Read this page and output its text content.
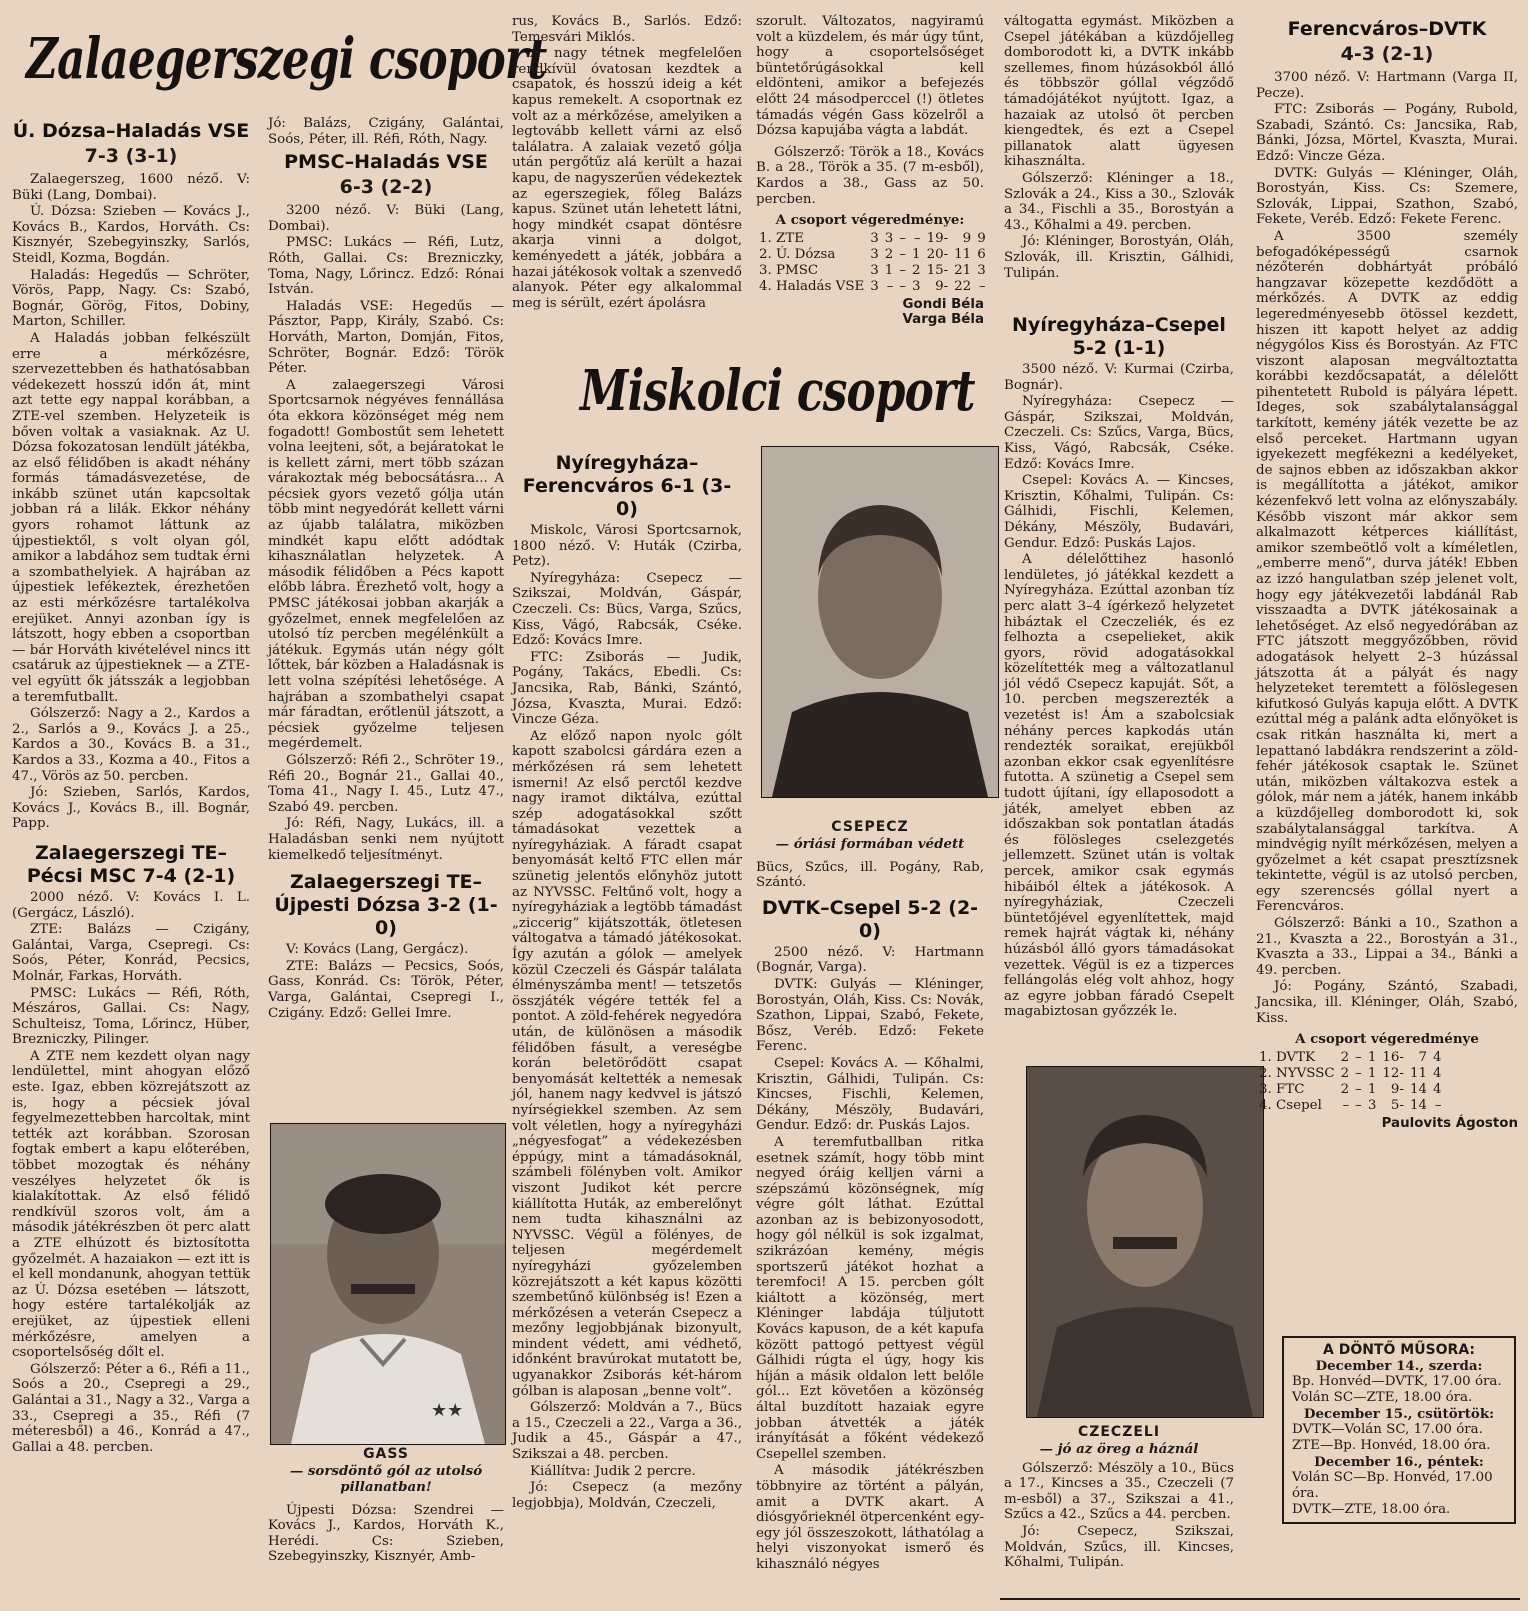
Zalaegerszegi csoport
Miskolci csoport
Ú. Dózsa–Haladás VSE
7-3 (3-1)

Zalaegerszeg, 1600 néző. V: Büki (Lang, Dombai).

Ú. Dózsa: Szieben — Kovács J., Kovács B., Kardos, Horváth. Cs: Kisznyér, Szebegyinszky, Sarlós, Steidl, Kozma, Bogdán.

Haladás: Hegedűs — Schröter, Vörös, Papp, Nagy. Cs: Szabó, Bognár, Görög, Fitos, Dobiny, Marton, Schiller.

A Haladás jobban felkészült erre a mérkőzésre, szervezettebben és hathatósabban védekezett hosszú időn át, mint azt tette egy nappal korábban, a ZTE-vel szemben. Helyzeteik is bőven voltak a vasiaknak. Az U. Dózsa fokozatosan lendült játékba, az első félidőben is akadt néhány formás támadásvezetése, de inkább szünet után kapcsoltak jobban rá a lilák. Ekkor néhány gyors rohamot láttunk az újpestiektől, s volt olyan gól, amikor a labdához sem tudtak érni a szombathelyiek. A hajrában az újpestiek lefékeztek, érezhetően az esti mérkőzésre tartalékolva erejüket. Annyi azonban így is látszott, hogy ebben a csoportban — bár Horváth kivételével nincs itt csatáruk az újpestieknek — a ZTE-vel együtt ők játsszák a legjobban a teremfutballt.

Gólszerző: Nagy a 2., Kardos a 2., Sarlós a 9., Kovács J. a 25., Kardos a 30., Kovács B. a 31., Kardos a 33., Kozma a 40., Fitos a 47., Vörös az 50. percben.

Jó: Szieben, Sarlós, Kardos, Kovács J., Kovács B., ill. Bognár, Papp.

Zalaegerszegi TE–Pécsi MSC 7-4 (2-1)

2000 néző. V: Kovács I. L. (Gergácz, László).

ZTE: Balázs — Czigány, Galántai, Varga, Csepregi. Cs: Soós, Péter, Konrád, Pecsics, Molnár, Farkas, Horváth.

PMSC: Lukács — Réfi, Róth, Mészáros, Gallai. Cs: Nagy, Schulteisz, Toma, Lőrincz, Hüber, Brezniczky, Pilinger.

A ZTE nem kezdett olyan nagy lendülettel, mint ahogyan előző este. Igaz, ebben közrejátszott az is, hogy a pécsiek jóval fegyelmezettebben harcoltak, mint tették azt korábban. Szorosan fogtak embert a kapu előterében, többet mozogtak és néhány veszélyes helyzetet ők is kialakítottak. Az első félidő rendkívül szoros volt, ám a második játékrészben öt perc alatt a ZTE elhúzott és biztosította győzelmét. A hazaiakon — ezt itt is el kell mondanunk, ahogyan tettük az Ú. Dózsa esetében — látszott, hogy estére tartalékolják az erejüket, az újpestiek elleni mérkőzésre, amelyen a csoportelsőség dőlt el.

Gólszerző: Péter a 6., Réfi a 11., Soós a 20., Csepregi a 29., Galántai a 31., Nagy a 32., Varga a 33., Csepregi a 35., Réfi (7 méteresből) a 46., Konrád a 47., Gallai a 48. percben.

Jó: Balázs, Czigány, Galántai, Soós, Péter, ill. Réfi, Róth, Nagy.

PMSC–Haladás VSE
6-3 (2-2)

3200 néző. V: Büki (Lang, Dombai).

PMSC: Lukács — Réfi, Lutz, Róth, Gallai. Cs: Brezniczky, Toma, Nagy, Lőrincz. Edző: Rónai István.

Haladás VSE: Hegedűs — Pásztor, Papp, Király, Szabó. Cs: Horváth, Marton, Domján, Fitos, Schröter, Bognár. Edző: Török Péter.

A zalaegerszegi Városi Sportcsarnok négyéves fennállása óta ekkora közönséget még nem fogadott! Gombostűt sem lehetett volna leejteni, sőt, a bejáratokat le is kellett zárni, mert több százan várakoztak még bebocsátásra... A pécsiek gyors vezető gólja után több mint negyedórát kellett várni az újabb találatra, miközben mindkét kapu előtt adódtak kihasználatlan helyzetek. A második félidőben a Pécs kapott előbb lábra. Érezhető volt, hogy a PMSC játékosai jobban akarják a győzelmet, ennek megfelelően az utolsó tíz percben megélénkült a játékuk. Egymás után négy gólt lőttek, bár közben a Haladásnak is lett volna szépítési lehetősége. A hajrában a szombathelyi csapat már fáradtan, erőtlenül játszott, a pécsiek győzelme teljesen megérdemelt.

Gólszerző: Réfi 2., Schröter 19., Réfi 20., Bognár 21., Gallai 40., Toma 41., Nagy I. 45., Lutz 47., Szabó 49. percben.

Jó: Réfi, Nagy, Lukács, ill. a Haladásban senki nem nyújtott kiemelkedő teljesítményt.

Zalaegerszegi TE–Újpesti Dózsa 3-2 (1-0)

V: Kovács (Lang, Gergácz).

ZTE: Balázs — Pecsics, Soós, Gass, Konrád. Cs: Török, Péter, Varga, Galántai, Csepregi I., Czigány. Edző: Gellei Imre.

★★
GASS
— sorsdöntő gól az utolsó pillanatban!

Újpesti Dózsa: Szendrei — Kovács J., Kardos, Horváth K., Herédi. Cs: Szieben, Szebegyinszky, Kisznyér, Amb-

rus, Kovács B., Sarlós. Edző: Temesvári Miklós.

A nagy tétnek megfelelően rendkívül óvatosan kezdtek a csapatok, és hosszú ideig a két kapus remekelt. A csoportnak ez volt az a mérkőzése, amelyiken a legtovább kellett várni az első találatra. A zalaiak vezető gólja után pergőtűz alá került a hazai kapu, de nagyszerűen védekeztek az egerszegiek, főleg Balázs kapus. Szünet után lehetett látni, hogy mindkét csapat döntésre akarja vinni a dolgot, keményedett a játék, jobbára a hazai játékosok voltak a szenvedő alanyok. Péter egy alkalommal meg is sérült, ezért ápolásra

szorult. Változatos, nagyiramú volt a küzdelem, és már úgy tűnt, hogy a csoportelsőséget büntetőrúgásokkal kell eldönteni, amikor a befejezés előtt 24 másodperccel (!) ötletes támadás végén Gass közelről a Dózsa kapujába vágta a labdát.

Gólszerző: Török a 18., Kovács B. a 28., Török a 35. (7 m-esből), Kardos a 38., Gass az 50. percben.

A csoport végeredménye:
1. ZTE	3	3	–	–	19-	9	9
2. Ú. Dózsa	3	2	–	1	20-	11	6
3. PMSC	3	1	–	2	15-	21	3
4. Haladás VSE	3	–	–	3	9-	22	–
Gondi Béla
Varga Béla

váltogatta egymást. Miközben a Csepel játékában a küzdőjelleg domborodott ki, a DVTK inkább szellemes, finom húzásokból álló és többször góllal végződő támadójátékot nyújtott. Igaz, a hazaiak az utolsó öt percben kiengedtek, és ezt a Csepel pillanatok alatt ügyesen kihasználta.

Gólszerző: Kléninger a 18., Szlovák a 24., Kiss a 30., Szlovák a 34., Fischli a 35., Borostyán a 43., Kőhalmi a 49. percben.

Jó: Kléninger, Borostyán, Oláh, Szlovák, ill. Krisztin, Gálhidi, Tulipán.

Nyíregyháza–Ferencváros 6-1 (3-0)

Miskolc, Városi Sportcsarnok, 1800 néző. V: Huták (Czirba, Petz).

Nyíregyháza: Csepecz — Szikszai, Moldván, Gáspár, Czeczeli. Cs: Bücs, Varga, Szűcs, Kiss, Vágó, Rabcsák, Cséke. Edző: Kovács Imre.

FTC: Zsiborás — Judik, Pogány, Takács, Ebedli. Cs: Jancsika, Rab, Bánki, Szántó, Józsa, Kvaszta, Murai. Edző: Vincze Géza.

Az előző napon nyolc gólt kapott szabolcsi gárdára ezen a mérkőzésen rá sem lehetett ismerni! Az első perctől kezdve nagy iramot diktálva, ezúttal szép adogatásokkal szőtt támadásokat vezettek a nyíregyháziak. A fáradt csapat benyomását keltő FTC ellen már szünetig jelentős előnyhöz jutott az NYVSSC. Feltűnő volt, hogy a nyíregyháziak a legtöbb támadást „ziccerig” kijátszották, ötletesen váltogatva a támadó játékosokat. Így azután a gólok — amelyek közül Czeczeli és Gáspár találata élményszámba ment! — tetszetős összjáték végére tették fel a pontot. A zöld-fehérek negyedóra után, de különösen a második félidőben fásult, a vereségbe korán beletörődött csapat benyomását keltették a nemesak jól, hanem nagy kedvvel is játszó nyírségiekkel szemben. Az sem volt véletlen, hogy a nyíregyházi „négyesfogat” a védekezésben éppúgy, mint a támadásoknál, számbeli fölényben volt. Amikor viszont Judikot két percre kiállította Huták, az emberelőnyt nem tudta kihasználni az NYVSSC. Végül a fölényes, de teljesen megérdemelt nyíregyházi győzelemben közrejátszott a két kapus közötti szembetűnő különbség is! Ezen a mérkőzésen a veterán Csepecz a mezőny legjobbjának bizonyult, mindent védett, ami védhető, időnként bravúrokat mutatott be, ugyanakkor Zsiborás két-három gólban is alaposan „benne volt”.

Gólszerző: Moldván a 7., Bücs a 15., Czeczeli a 22., Varga a 36., Judik a 45., Gáspár a 47., Szikszai a 48. percben.

Kiállítva: Judik 2 percre.

Jó: Csepecz (a mezőny legjobbja), Moldván, Czeczeli,

CSEPECZ
— óriási formában védett

Bücs, Szűcs, ill. Pogány, Rab, Szántó.

DVTK–Csepel 5-2 (2-0)

2500 néző. V: Hartmann (Bognár, Varga).

DVTK: Gulyás — Kléninger, Borostyán, Oláh, Kiss. Cs: Novák, Szathon, Lippai, Szabó, Fekete, Bősz, Veréb. Edző: Fekete Ferenc.

Csepel: Kovács A. — Kőhalmi, Krisztin, Gálhidi, Tulipán. Cs: Kincses, Fischli, Kelemen, Dékány, Mészöly, Budavári, Gendur. Edző: dr. Puskás Lajos.

A teremfutballban ritka esetnek számít, hogy több mint negyed óráig kelljen várni a szépszámú közönségnek, míg végre gólt láthat. Ezúttal azonban az is bebizonyosodott, hogy gól nélkül is sok izgalmat, szikrázóan kemény, mégis sportszerű játékot hozhat a teremfoci! A 15. percben gólt kiáltott a közönség, mert Kléninger labdája túljutott Kovács kapuson, de a két kapufa között pattogó pettyest végül Gálhidi rúgta el úgy, hogy kis híján a másik oldalon lett belőle gól... Ezt követően a közönség által buzdított hazaiak egyre jobban átvették a játék irányítását a főként védekező Csepellel szemben.

A második játékrészben többnyire az történt a pályán, amit a DVTK akart. A diósgyőrieknél ötpercenként egy-egy jól összeszokott, láthatólag a helyi viszonyokat ismerő és kihasználó négyes

Nyíregyháza–Csepel 5-2 (1-1)

3500 néző. V: Kurmai (Czirba, Bognár).

Nyíregyháza: Csepecz — Gáspár, Szikszai, Moldván, Czeczeli. Cs: Szűcs, Varga, Bücs, Kiss, Vágó, Rabcsák, Cséke. Edző: Kovács Imre.

Csepel: Kovács A. — Kincses, Krisztin, Kőhalmi, Tulipán. Cs: Gálhidi, Fischli, Kelemen, Dékány, Mészöly, Budavári, Gendur. Edző: Puskás Lajos.

A délelőttihez hasonló lendületes, jó játékkal kezdett a Nyíregyháza. Ezúttal azonban tíz perc alatt 3–4 ígérkező helyzetet hibáztak el Czeczeliék, és ez felhozta a csepelieket, akik gyors, rövid adogatásokkal közelítették meg a változatlanul jól védő Csepecz kapuját. Sőt, a 10. percben megszerezték a vezetést is! Ám a szabolcsiak néhány perces kapkodás után rendezték soraikat, erejükből azonban ekkor csak egyenlítésre futotta. A szünetig a Csepel sem tudott újítani, így ellaposodott a játék, amelyet ebben az időszakban sok pontatlan átadás és fölösleges cselezgetés jellemzett. Szünet után is voltak percek, amikor csak egymás hibáiból éltek a játékosok. A nyíregyháziak, Czeczeli büntetőjével egyenlítettek, majd remek hajrát vágtak ki, néhány húzásból álló gyors támadásokat vezettek. Végül is ez a tizperces fellángolás elég volt ahhoz, hogy az egyre jobban fáradó Csepelt magabiztosan győzzék le.

CZECZELI
— jó az öreg a háznál

Gólszerző: Mészöly a 10., Bücs a 17., Kincses a 35., Czeczeli (7 m-esből) a 37., Szikszai a 41., Szűcs a 42., Szűcs a 44. percben.

Jó: Csepecz, Szikszai, Moldván, Szűcs, ill. Kincses, Kőhalmi, Tulipán.

Ferencváros–DVTK
4-3 (2-1)

3700 néző. V: Hartmann (Varga II, Pecze).

FTC: Zsiborás — Pogány, Rubold, Szabadi, Szántó. Cs: Jancsika, Rab, Bánki, Józsa, Mörtel, Kvaszta, Murai. Edző: Vincze Géza.

DVTK: Gulyás — Kléninger, Oláh, Borostyán, Kiss. Cs: Szemere, Szlovák, Lippai, Szathon, Szabó, Fekete, Veréb. Edző: Fekete Ferenc.

A 3500 személy befogadóképességű csarnok nézőterén dobhártyát próbáló hangzavar közepette kezdődött a mérkőzés. A DVTK az eddig legeredményesebb ötössel kezdett, hiszen itt kapott helyet az addig négygólos Kiss és Borostyán. Az FTC viszont alaposan megváltoztatta korábbi kezdőcsapatát, a délelőtt pihentetett Rubold is pályára lépett. Ideges, sok szabálytalansággal tarkított, kemény játék vezette be az első perceket. Hartmann ugyan igyekezett megfékezni a kedélyeket, de sajnos ebben az időszakban akkor is megállította a játékot, amikor kézenfekvő lett volna az előnyszabály. Később viszont már akkor sem alkalmazott kétperces kiállítást, amikor szembeötlő volt a kíméletlen, „emberre menő”, durva játék! Ebben az izzó hangulatban szép jelenet volt, hogy egy játékvezetői labdánál Rab visszaadta a DVTK játékosainak a lehetőséget. Az első negyedórában az FTC játszott meggyőzőbben, rövid adogatások helyett 2–3 húzással játszotta át a pályát és nagy helyzeteket teremtett a fölöslegesen kifutkosó Gulyás kapuja előtt. A DVTK ezúttal még a palánk adta előnyöket is csak ritkán használta ki, mert a lepattanó labdákra rendszerint a zöld-fehér játékosok csaptak le. Szünet után, miközben váltakozva estek a gólok, már nem a játék, hanem inkább a küzdőjelleg domborodott ki, sok szabálytalansággal tarkítva. A mindvégig nyílt mérkőzésen, melyen a győzelmet a két csapat presztízsnek tekintette, végül is az utolsó percben, egy szerencsés góllal nyert a Ferencváros.

Gólszerző: Bánki a 10., Szathon a 21., Kvaszta a 22., Borostyán a 31., Kvaszta a 33., Lippai a 34., Bánki a 49. percben.

Jó: Pogány, Szántó, Szabadi, Jancsika, ill. Kléninger, Oláh, Szabó, Kiss.

A csoport végeredménye
1. DVTK	2	–	1	16-	7	4
2. NYVSSC	2	–	1	12-	11	4
3. FTC	2	–	1	9-	14	4
4. Csepel	–	–	3	5-	14	–
Paulovits Ágoston
A DÖNTŐ MŰSORA:
December 14., szerda:
Bp. Honvéd—DVTK, 17.00 óra.
Volán SC—ZTE, 18.00 óra.
December 15., csütörtök:
DVTK—Volán SC, 17.00 óra.
ZTE—Bp. Honvéd, 18.00 óra.
December 16., péntek:
Volán SC—Bp. Honvéd, 17.00 óra.
DVTK—ZTE, 18.00 óra.
